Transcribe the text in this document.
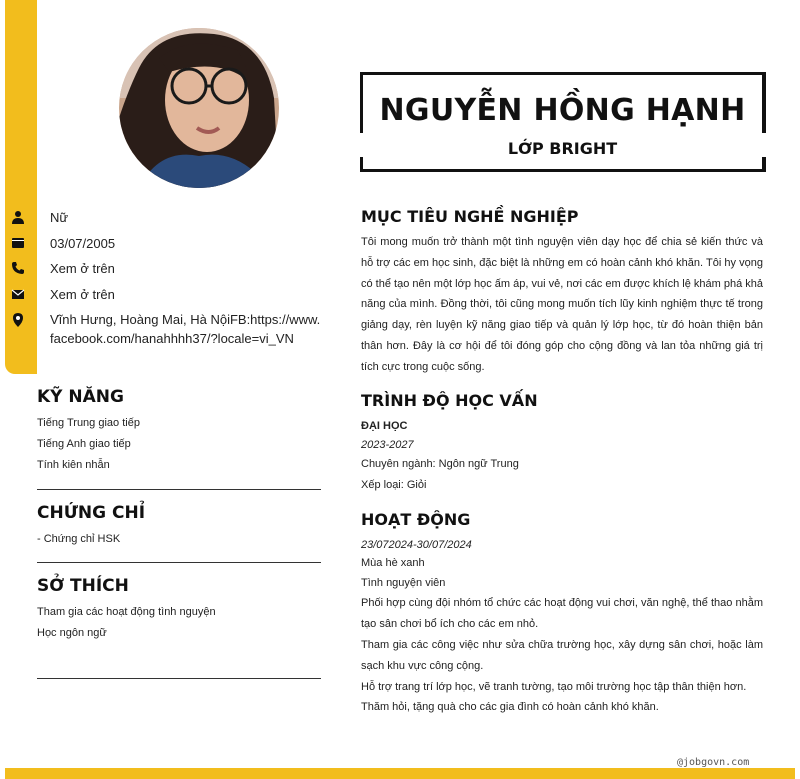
Nữ
03/07/2005
Xem ở trên
Xem ở trên
Vĩnh Hưng, Hoàng Mai, Hà NộiFB:https://www.facebook.com/hanahhhh37/?locale=vi_VN
KỸ NĂNG
Tiếng Trung giao tiếp
Tiếng Anh giao tiếp
Tính kiên nhẫn
CHỨNG CHỈ
- Chứng chỉ HSK
SỞ THÍCH
Tham gia các hoạt động tình nguyện
Học ngôn ngữ
NGUYỄN HỒNG HẠNH
LỚP BRIGHT
MỤC TIÊU NGHỀ NGHIỆP
Tôi mong muốn trở thành một tình nguyện viên dạy học để chia sẻ kiến thức và hỗ trợ các em học sinh, đặc biệt là những em có hoàn cảnh khó khăn. Tôi hy vọng có thể tạo nên một lớp học ấm áp, vui vẻ, nơi các em được khích lệ khám phá khả năng của mình. Đồng thời, tôi cũng mong muốn tích lũy kinh nghiệm thực tế trong giảng dạy, rèn luyện kỹ năng giao tiếp và quản lý lớp học, từ đó hoàn thiện bản thân hơn. Đây là cơ hội để tôi đóng góp cho cộng đồng và lan tỏa những giá trị tích cực trong cuộc sống.
TRÌNH ĐỘ HỌC VẤN
ĐẠI HỌC
2023-2027
Chuyên ngành: Ngôn ngữ Trung
Xếp loại: Giỏi
HOẠT ĐỘNG
23/072024-30/07/2024
Mùa hè xanh
Tình nguyện viên
Phối hợp cùng đội nhóm tổ chức các hoạt động vui chơi, văn nghệ, thể thao nhằm tạo sân chơi bổ ích cho các em nhỏ.
Tham gia các công việc như sửa chữa trường học, xây dựng sân chơi, hoặc làm sạch khu vực công cộng.
Hỗ trợ trang trí lớp học, vẽ tranh tường, tạo môi trường học tập thân thiện hơn.
Thăm hỏi, tặng quà cho các gia đình có hoàn cảnh khó khăn.
@jobgovn.com
